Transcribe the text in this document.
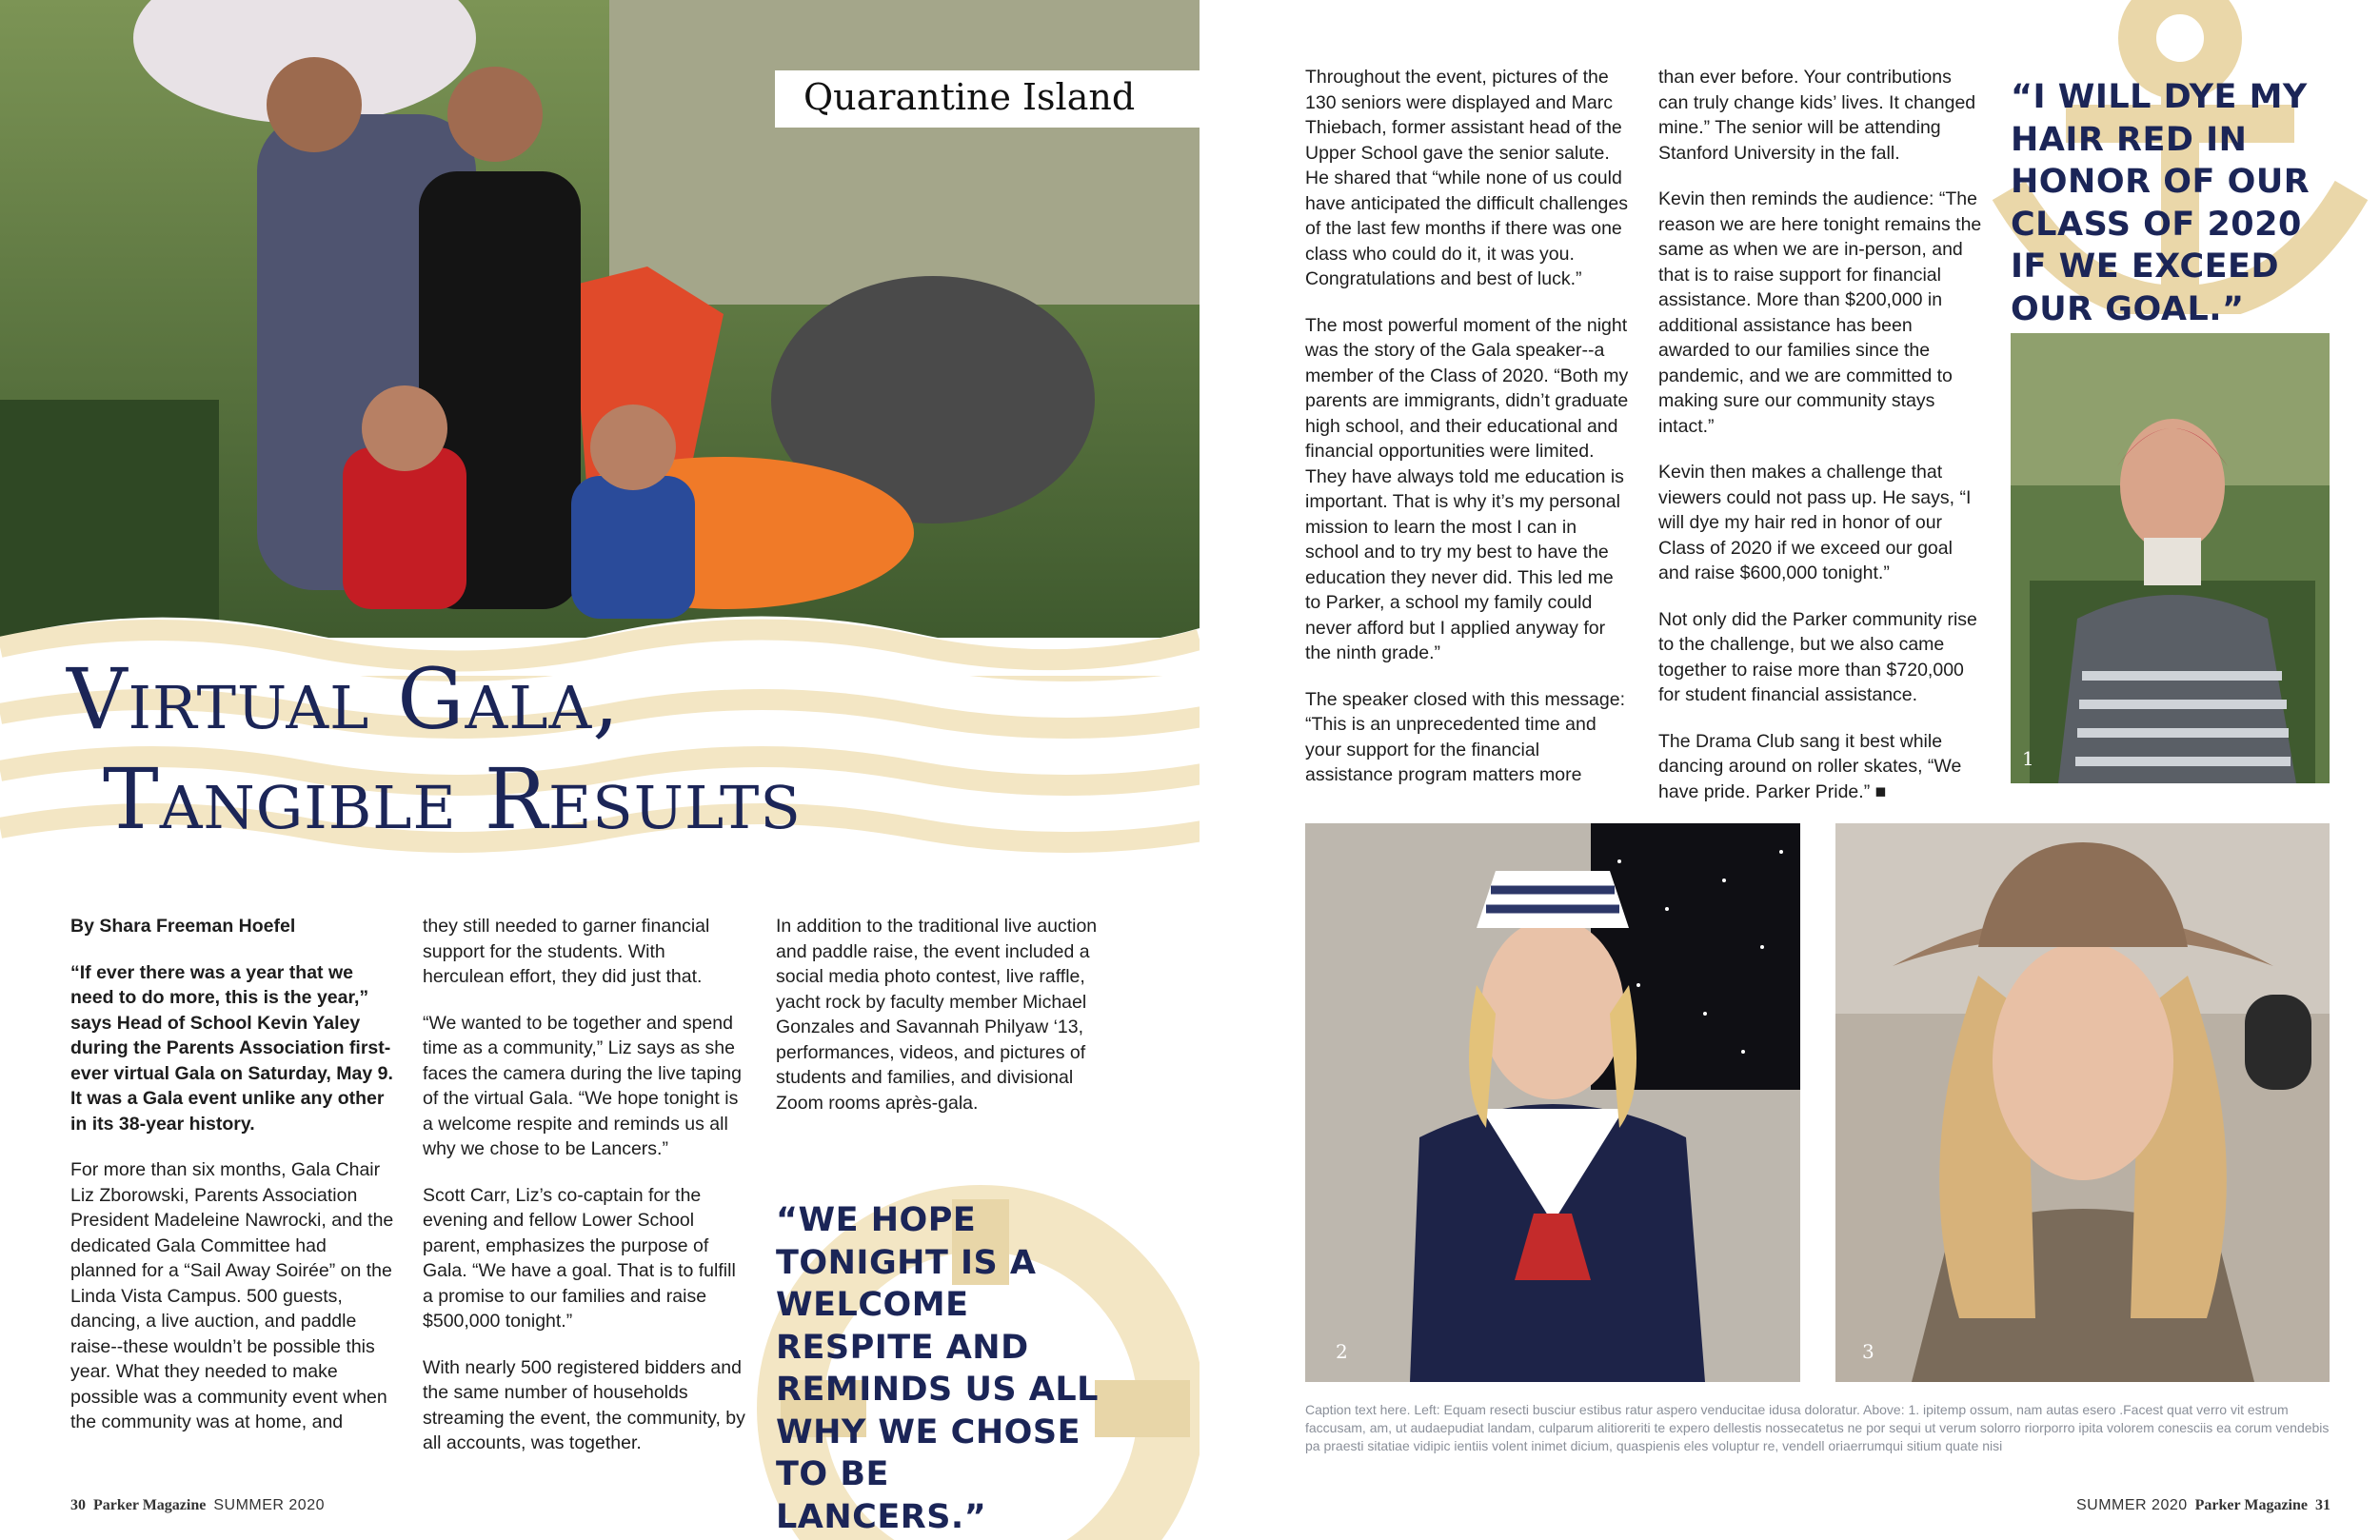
Quarantine Island
Virtual Gala,
Tangible Results

By Shara Freeman Hoefel

“If ever there was a year that we need to do more, this is the year,” says Head of School Kevin Yaley during the Parents Association first-ever virtual Gala on Saturday, May 9. It was a Gala event unlike any other in its 38-year history.

For more than six months, Gala Chair Liz Zborowski, Parents Association President Madeleine Nawrocki, and the dedicated Gala Committee had planned for a “Sail Away Soirée” on the Linda Vista Campus. 500 guests, dancing, a live auction, and paddle raise--these wouldn’t be possible this year. What they needed to make possible was a community event when the community was at home, and

they still needed to garner financial support for the students. With herculean effort, they did just that.

“We wanted to be together and spend time as a community,” Liz says as she faces the camera during the live taping of the virtual Gala. “We hope tonight is a welcome respite and reminds us all why we chose to be Lancers.”

Scott Carr, Liz’s co-captain for the evening and fellow Lower School parent, emphasizes the purpose of Gala. “We have a goal. That is to fulfill a promise to our families and raise $500,000 tonight.”

With nearly 500 registered bidders and the same number of households streaming the event, the community, by all accounts, was together.

In addition to the traditional live auction and paddle raise, the event included a social media photo contest, live raffle, yacht rock by faculty member Michael Gonzales and Savannah Philyaw ‘13, performances, videos, and pictures of students and families, and divisional Zoom rooms après-gala.

“WE HOPE TONIGHT IS A WELCOME RESPITE AND REMINDS US ALL WHY WE CHOSE TO BE LANCERS.”
30 Parker Magazine SUMMER 2020

Throughout the event, pictures of the 130 seniors were displayed and Marc Thiebach, former assistant head of the Upper School gave the senior salute. He shared that “while none of us could have anticipated the difficult challenges of the last few months if there was one class who could do it, it was you. Congratulations and best of luck.”

The most powerful moment of the night was the story of the Gala speaker--a member of the Class of 2020. “Both my parents are immigrants, didn’t graduate high school, and their educational and financial opportunities were limited. They have always told me education is important. That is why it’s my personal mission to learn the most I can in school and to try my best to have the education they never did. This led me to Parker, a school my family could never afford but I applied anyway for the ninth grade.”

The speaker closed with this message: “This is an unprecedented time and your support for the financial assistance program matters more

than ever before. Your contributions can truly change kids’ lives. It changed mine.” The senior will be attending Stanford University in the fall.

Kevin then reminds the audience: “The reason we are here tonight remains the same as when we are in-person, and that is to raise support for financial assistance. More than $200,000 in additional assistance has been awarded to our families since the pandemic, and we are committed to making sure our community stays intact.”

Kevin then makes a challenge that viewers could not pass up. He says, “I will dye my hair red in honor of our Class of 2020 if we exceed our goal and raise $600,000 tonight.”

Not only did the Parker community rise to the challenge, but we also came together to raise more than $720,000 for student financial assistance.

The Drama Club sang it best while dancing around on roller skates, “We have pride. Parker Pride.” ■

“I WILL DYE MY HAIR RED IN HONOR OF OUR CLASS OF 2020 IF WE EXCEED OUR GOAL.”
1
2	3
Caption text here. Left: Equam resecti busciur estibus ratur aspero venducitae idusa doloratur. Above: 1. ipitemp ossum, nam autas esero .Facest quat verro vit estrum faccusam, am, ut audaepudiat landam, culparum alitioreriti te expero dellestis nossecatetus ne por sequi ut verum solorro riorporro ipita volorem conesciis ea corum vendebis pa praesti sitatiae vidipic ientiis volent inimet dicium, quaspienis eles voluptur re, vendell oriaerrumqui sitium quate nisi
SUMMER 2020 Parker Magazine 31
